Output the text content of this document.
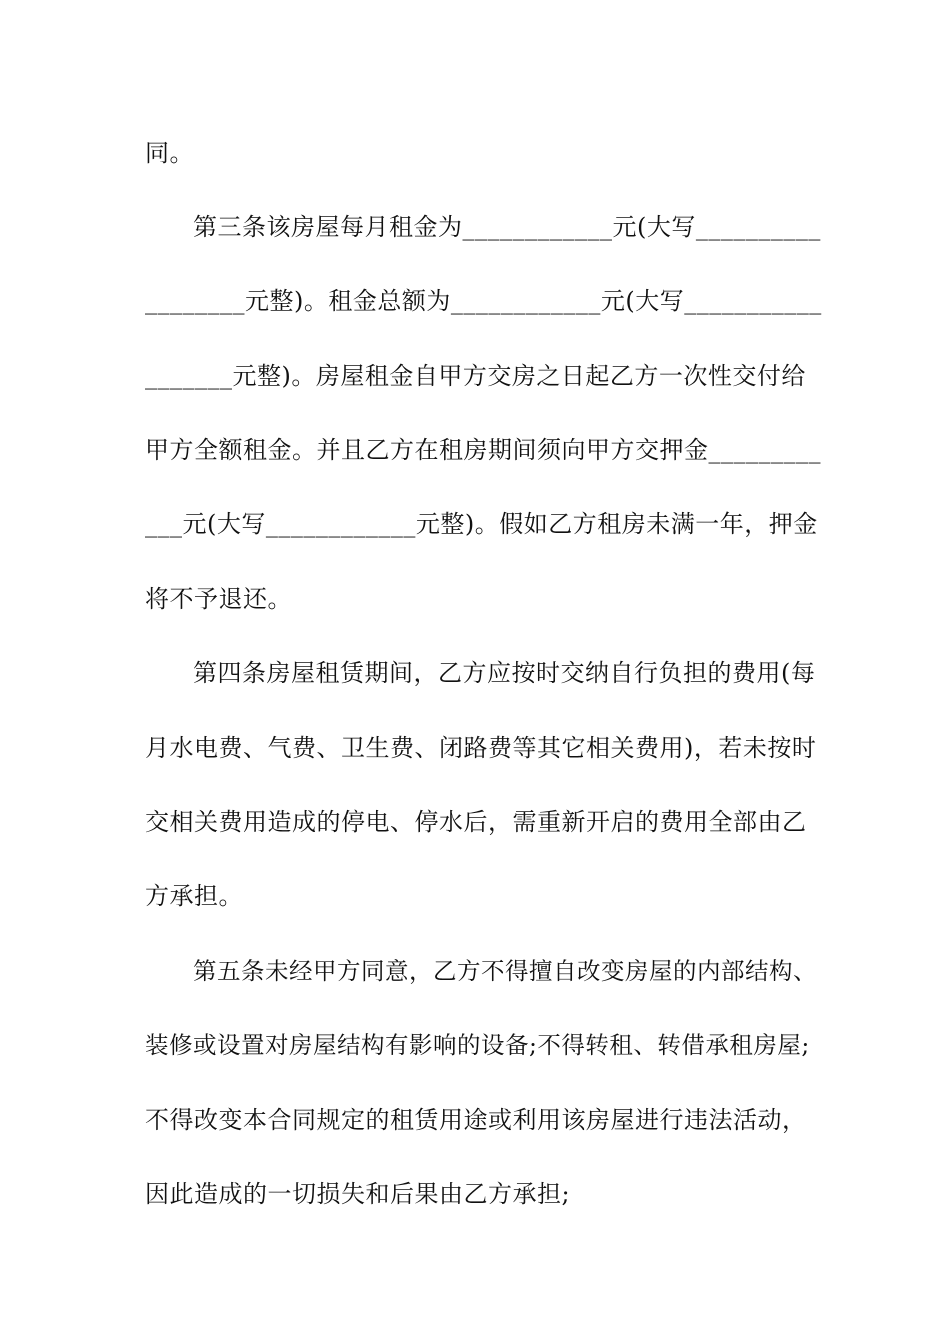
同。
第三条该房屋每月租金为____________元(大写__________
________元整)。租金总额为____________元(大写___________
_______元整)。房屋租金自甲方交房之日起乙方一次性交付给
甲方全额租金。并且乙方在租房期间须向甲方交押金_________
___元(大写____________元整)。假如乙方租房未满一年，押金
将不予退还。
第四条房屋租赁期间，乙方应按时交纳自行负担的费用(每
月水电费、气费、卫生费、闭路费等其它相关费用)，若未按时
交相关费用造成的停电、停水后，需重新开启的费用全部由乙
方承担。
第五条未经甲方同意，乙方不得擅自改变房屋的内部结构、
装修或设置对房屋结构有影响的设备;不得转租、转借承租房屋;
不得改变本合同规定的租赁用途或利用该房屋进行违法活动，
因此造成的一切损失和后果由乙方承担;
